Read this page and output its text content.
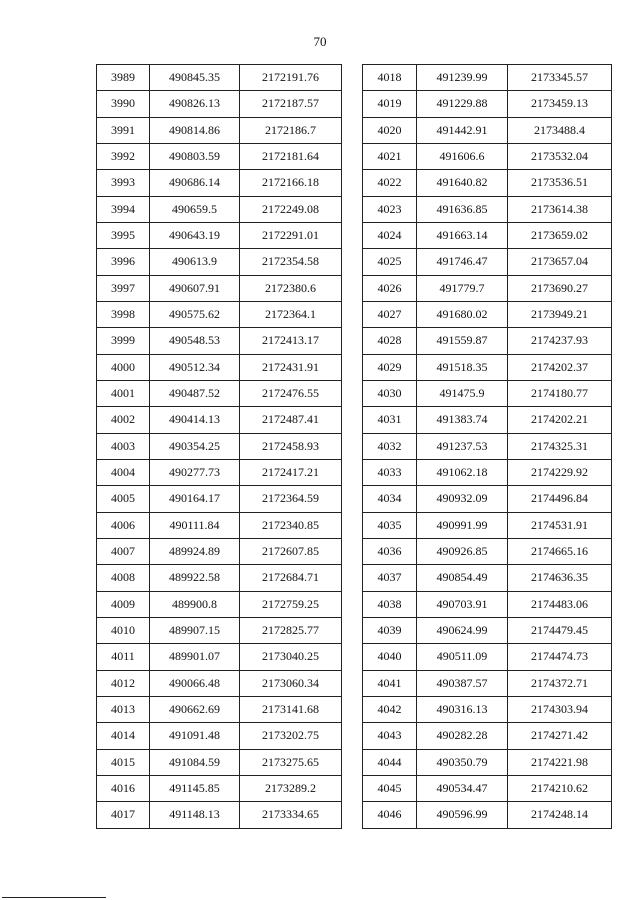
70
3989	490845.35	2172191.76
3990	490826.13	2172187.57
3991	490814.86	2172186.7
3992	490803.59	2172181.64
3993	490686.14	2172166.18
3994	490659.5	2172249.08
3995	490643.19	2172291.01
3996	490613.9	2172354.58
3997	490607.91	2172380.6
3998	490575.62	2172364.1
3999	490548.53	2172413.17
4000	490512.34	2172431.91
4001	490487.52	2172476.55
4002	490414.13	2172487.41
4003	490354.25	2172458.93
4004	490277.73	2172417.21
4005	490164.17	2172364.59
4006	490111.84	2172340.85
4007	489924.89	2172607.85
4008	489922.58	2172684.71
4009	489900.8	2172759.25
4010	489907.15	2172825.77
4011	489901.07	2173040.25
4012	490066.48	2173060.34
4013	490662.69	2173141.68
4014	491091.48	2173202.75
4015	491084.59	2173275.65
4016	491145.85	2173289.2
4017	491148.13	2173334.65
4018	491239.99	2173345.57
4019	491229.88	2173459.13
4020	491442.91	2173488.4
4021	491606.6	2173532.04
4022	491640.82	2173536.51
4023	491636.85	2173614.38
4024	491663.14	2173659.02
4025	491746.47	2173657.04
4026	491779.7	2173690.27
4027	491680.02	2173949.21
4028	491559.87	2174237.93
4029	491518.35	2174202.37
4030	491475.9	2174180.77
4031	491383.74	2174202.21
4032	491237.53	2174325.31
4033	491062.18	2174229.92
4034	490932.09	2174496.84
4035	490991.99	2174531.91
4036	490926.85	2174665.16
4037	490854.49	2174636.35
4038	490703.91	2174483.06
4039	490624.99	2174479.45
4040	490511.09	2174474.73
4041	490387.57	2174372.71
4042	490316.13	2174303.94
4043	490282.28	2174271.42
4044	490350.79	2174221.98
4045	490534.47	2174210.62
4046	490596.99	2174248.14
